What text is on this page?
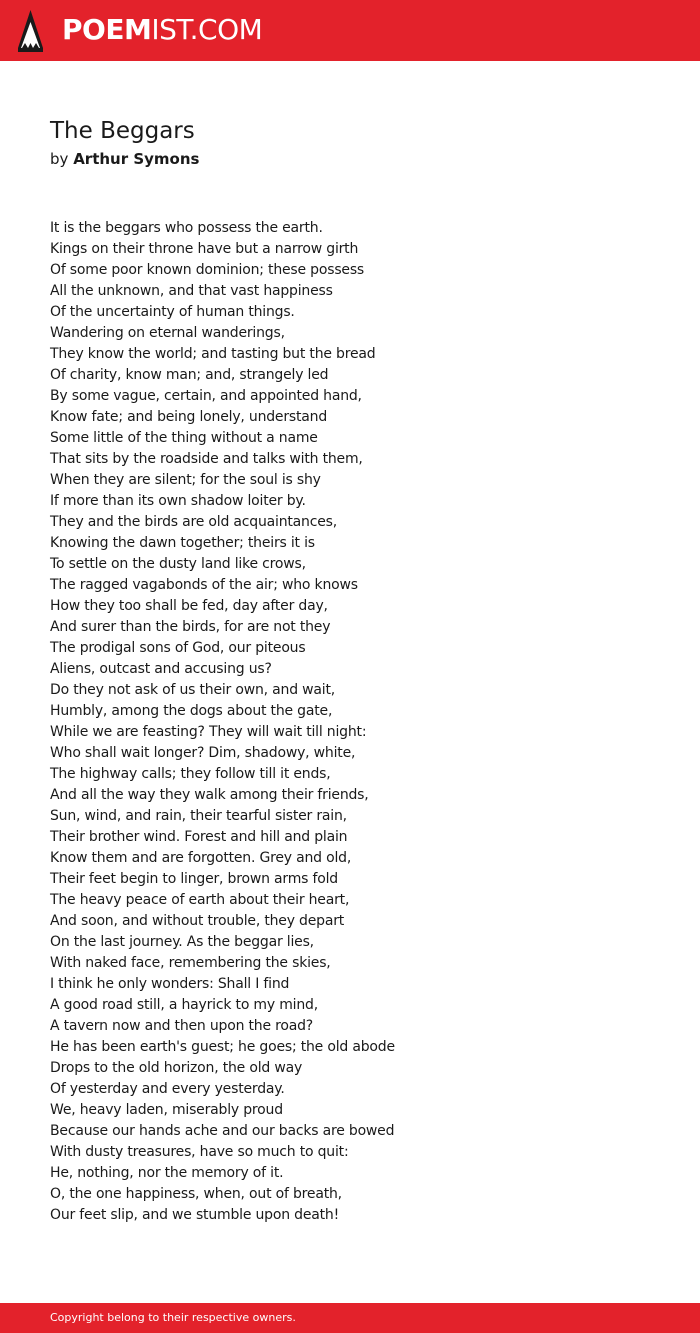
POEMIST.COM
The Beggars
by Arthur Symons
It is the beggars who possess the earth.
Kings on their throne have but a narrow girth
Of some poor known dominion; these possess
All the unknown, and that vast happiness
Of the uncertainty of human things.
Wandering on eternal wanderings,
They know the world; and tasting but the bread
Of charity, know man; and, strangely led
By some vague, certain, and appointed hand,
Know fate; and being lonely, understand
Some little of the thing without a name
That sits by the roadside and talks with them,
When they are silent; for the soul is shy
If more than its own shadow loiter by.
They and the birds are old acquaintances,
Knowing the dawn together; theirs it is
To settle on the dusty land like crows,
The ragged vagabonds of the air; who knows
How they too shall be fed, day after day,
And surer than the birds, for are not they
The prodigal sons of God, our piteous
Aliens, outcast and accusing us?
Do they not ask of us their own, and wait,
Humbly, among the dogs about the gate,
While we are feasting? They will wait till night:
Who shall wait longer? Dim, shadowy, white,
The highway calls; they follow till it ends,
And all the way they walk among their friends,
Sun, wind, and rain, their tearful sister rain,
Their brother wind. Forest and hill and plain
Know them and are forgotten. Grey and old,
Their feet begin to linger, brown arms fold
The heavy peace of earth about their heart,
And soon, and without trouble, they depart
On the last journey. As the beggar lies,
With naked face, remembering the skies,
I think he only wonders: Shall I find
A good road still, a hayrick to my mind,
A tavern now and then upon the road?
He has been earth's guest; he goes; the old abode
Drops to the old horizon, the old way
Of yesterday and every yesterday.
We, heavy laden, miserably proud
Because our hands ache and our backs are bowed
With dusty treasures, have so much to quit:
He, nothing, nor the memory of it.
O, the one happiness, when, out of breath,
Our feet slip, and we stumble upon death!
Copyright belong to their respective owners.
